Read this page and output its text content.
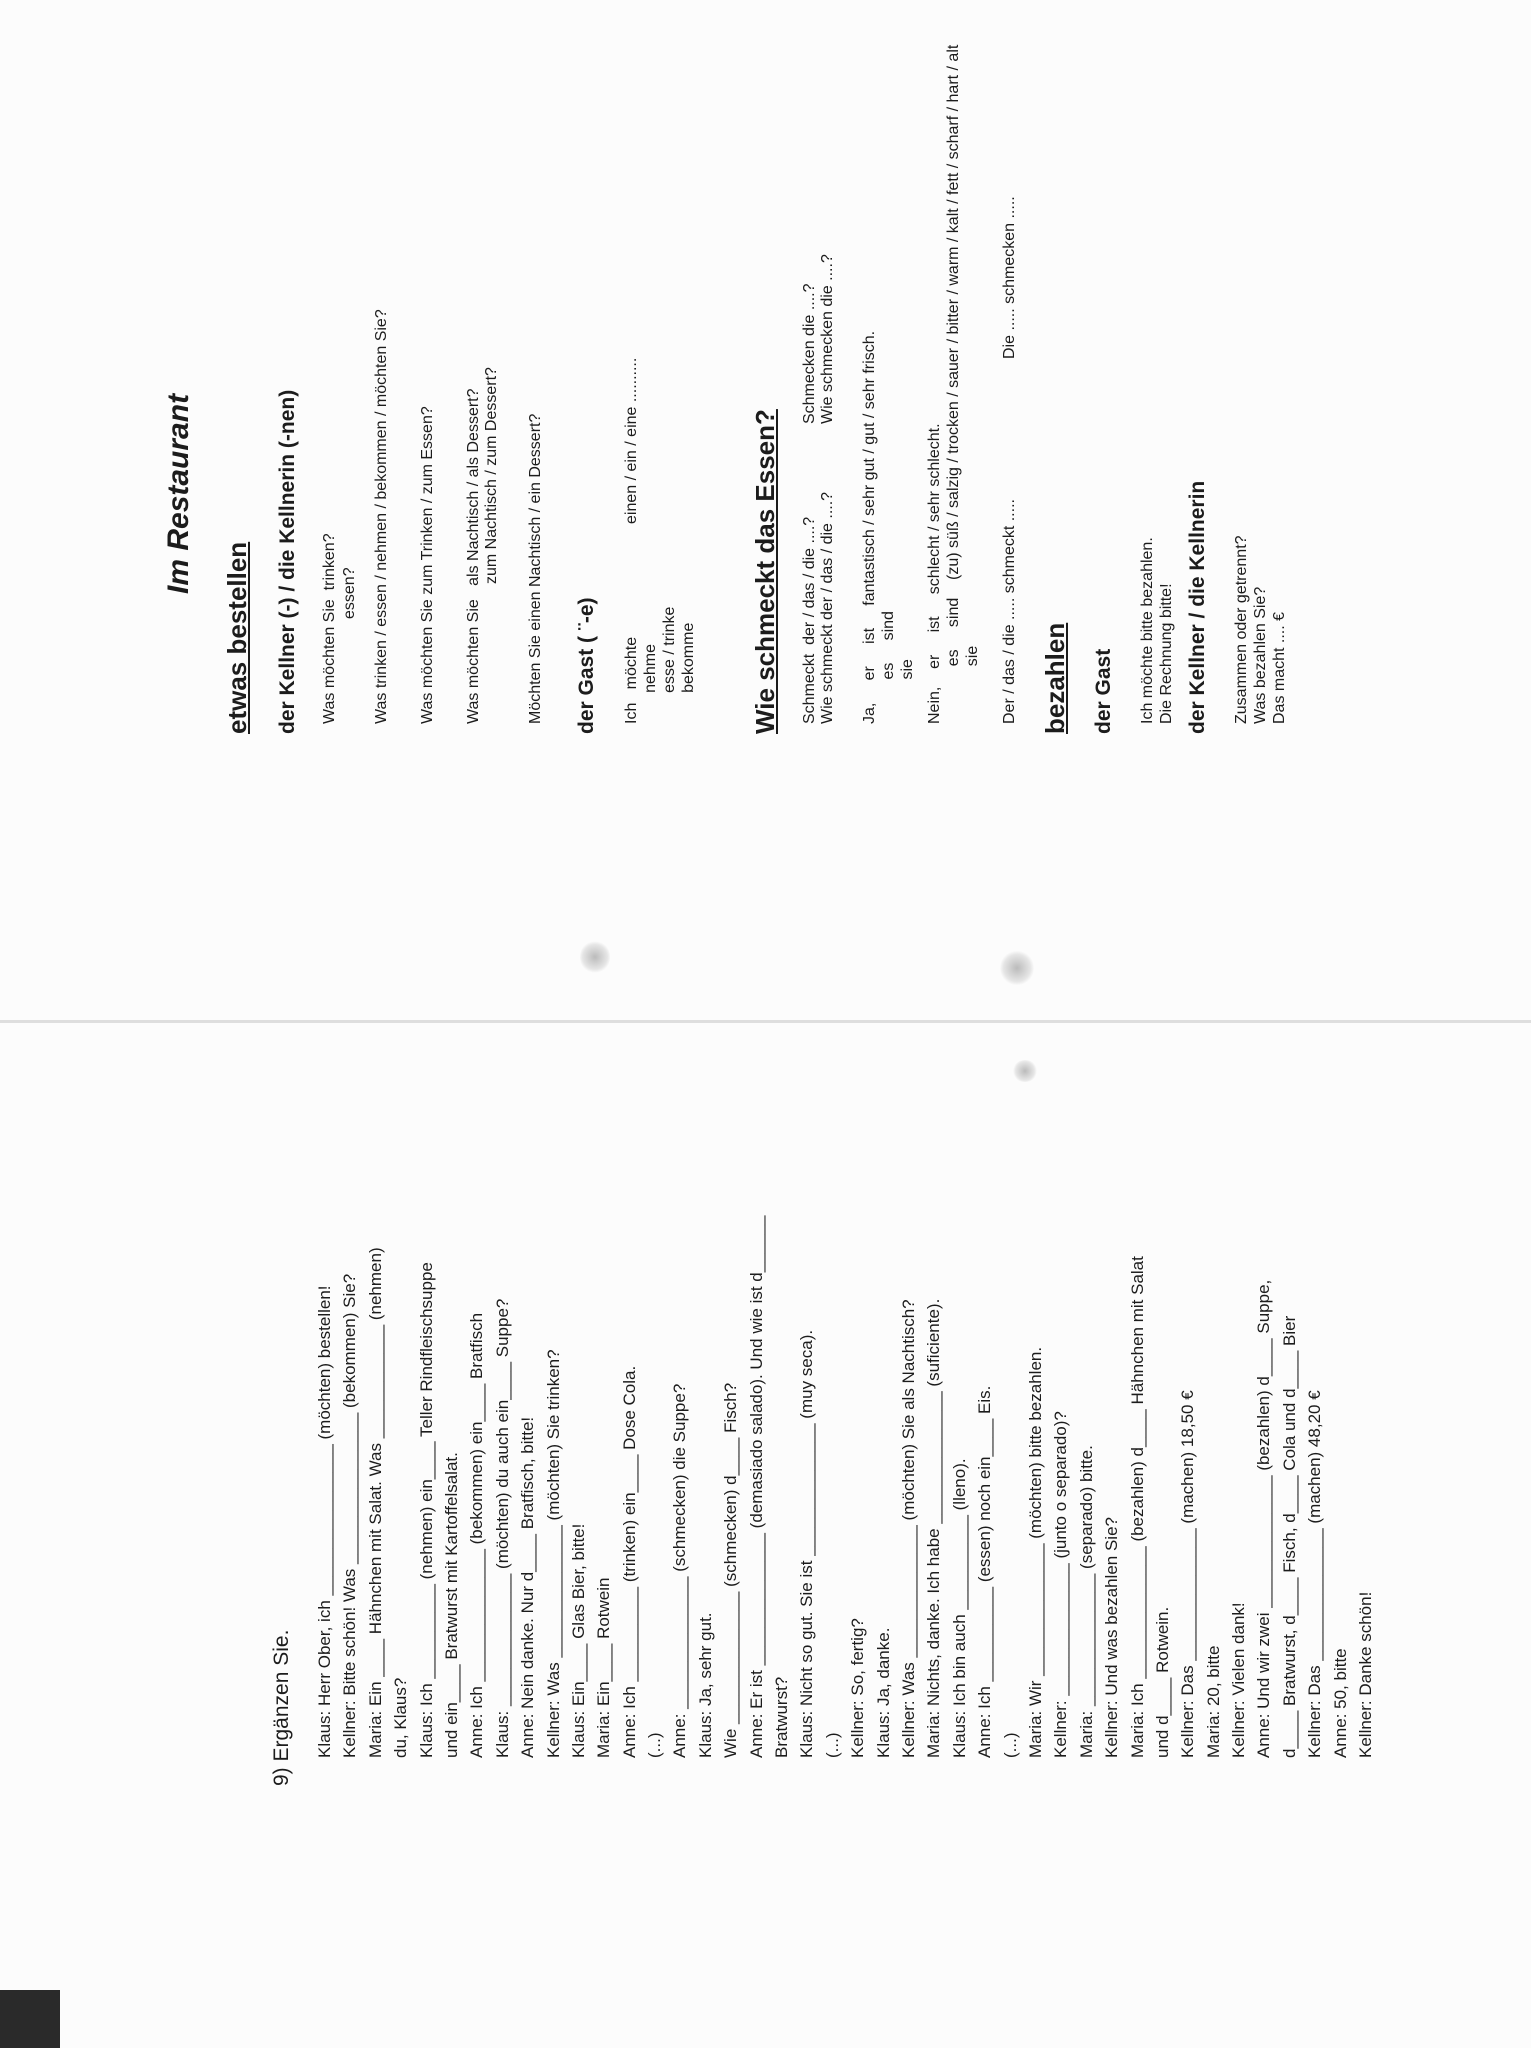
Im Restaurant
etwas bestellen der Kellner (-) / die Kellnerin (-nen) Was möchten Sie  trinken? essen? Was trinken / essen / nehmen / bekommen / möchten Sie? Was möchten Sie zum Trinken / zum Essen? Was möchten Sie   als Nachtisch / als Dessert? zum Nachtisch / zum Dessert? Möchten Sie einen Nachtisch / ein Dessert? der Gast ( ¨-e) Ich   möchte
nehme
esse / trinke
bekomme
einen / ein / eine ..........	Wie schmeckt das Essen? Schmeckt  der / das / die ....? Wie schmeckt der / das / die ....?
Schmecken die ....? Wie schmecken die ....?
Ja,     er     ist     fantastisch / sehr gut / gut / sehr frisch.
es     sind
sie
Nein,    er     ist     schlecht / sehr schlecht.
es     sind    (zu) süß / salzig / trocken / sauer / bitter / warm / kalt / fett / scharf / hart / alt
sie Der / das / die ..... schmeckt .....
Die ..... schmecken .....
bezahlen der Gast Ich möchte bitte bezahlen.
Die Rechnung bitte! der Kellner / die Kellnerin Zusammen oder getrennt?
Was bezahlen Sie?
Das macht .... €
9) Ergänzen Sie. Klaus: Herr Ober, ich ________________ (möchten) bestellen! Kellner: Bitte schön! Was ________________ (bekommen) Sie? Maria: Ein ____ Hähnchen mit Salat. Was ____________ (nehmen) du, Klaus? Klaus: Ich __________ (nehmen) ein____ Teller Rindfleischsuppe und ein____ Bratwurst mit Kartoffelsalat. Anne: Ich ______________ (bekommen) ein____ Bratfisch Klaus: ______________ (möchten) du auch ein____ Suppe? Anne: Nein danke. Nur d____ Bratfisch, bitte! Kellner: Was ______________ (möchten) Sie trinken? Klaus: Ein____ Glas Bier, bitte! Maria: Ein____ Rotwein Anne: Ich __________ (trinken) ein____ Dose Cola. (...) Anne: ______________ (schmecken) die Suppe? Klaus: Ja, sehr gut. Wie ______________ (schmecken) d____ Fisch? Anne: Er ist ______________ (demasiado salado). Und wie ist d______ Bratwurst? Klaus: Nicht so gut. Sie ist ______________ (muy seca). (...) Kellner: So, fertig? Klaus: Ja, danke. Kellner: Was ______________ (möchten) Sie als Nachtisch? Maria: Nichts, danke. Ich habe ______________ (suficiente). Klaus: Ich bin auch __________ (lleno). Anne: Ich __________ (essen) noch ein____ Eis. (...) Maria: Wir ______________ (möchten) bitte bezahlen. Kellner: ______________ (junto o separado)? Maria: ______________ (separado) bitte. Kellner: Und was bezahlen Sie? Maria: Ich ______________ (bezahlen) d____ Hähnchen mit Salat und d____ Rotwein. Kellner: Das ______________ (machen) 18,50 € Maria: 20, bitte Kellner: Vielen dank! Anne: Und wir zwei ______________ (bezahlen) d____ Suppe, d____ Bratwurst, d____ Fisch, d____ Cola und d____ Bier Kellner: Das ______________ (machen) 48,20 € Anne: 50, bitte Kellner: Danke schön!
